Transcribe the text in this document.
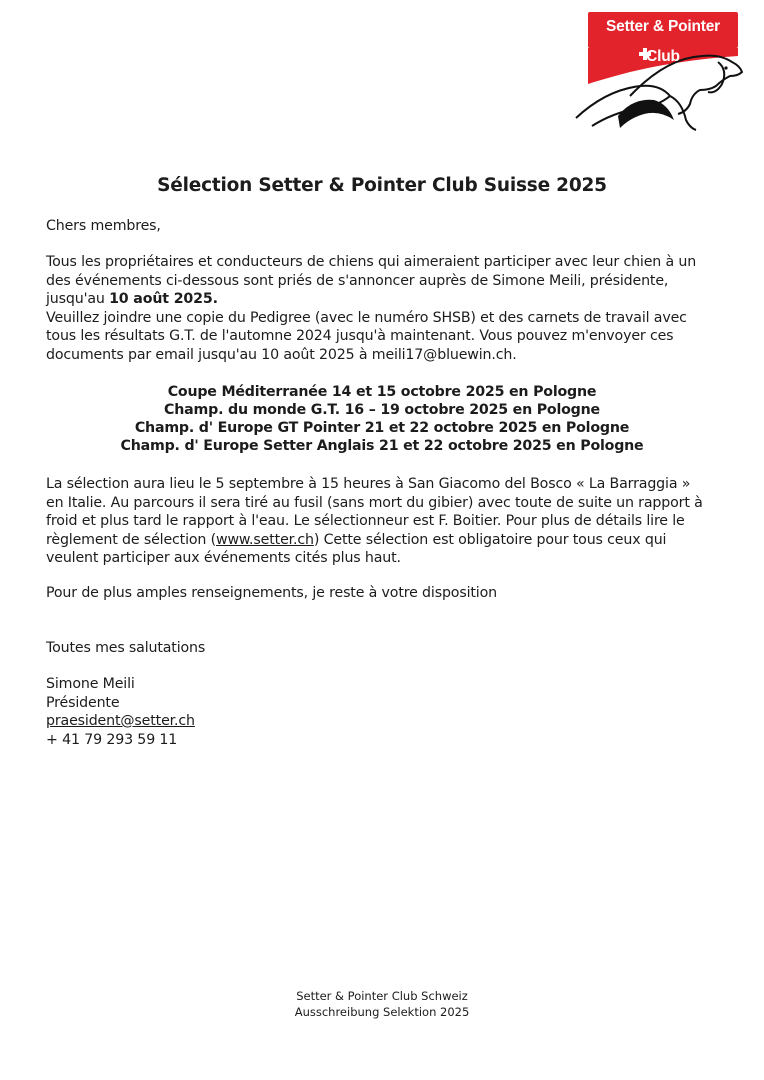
Setter & Pointer Club
Sélection Setter & Pointer Club Suisse 2025

Chers membres,

Tous les propriétaires et conducteurs de chiens qui aimeraient participer avec leur chien à un

des événements ci-dessous sont priés de s'annoncer auprès de Simone Meili, présidente,

jusqu'au 10 août 2025.

Veuillez joindre une copie du Pedigree (avec le numéro SHSB) et des carnets de travail avec

tous les résultats G.T. de l'automne 2024 jusqu'à maintenant. Vous pouvez m'envoyer ces

documents par email jusqu'au 10 août 2025 à meili17@bluewin.ch.

Coupe Méditerranée 14 et 15 octobre 2025 en Pologne

Champ. du monde G.T. 16 – 19 octobre 2025 en Pologne

Champ. d' Europe GT Pointer 21 et 22 octobre 2025 en Pologne

Champ. d' Europe Setter Anglais 21 et 22 octobre 2025 en Pologne

La sélection aura lieu le 5 septembre à 15 heures à San Giacomo del Bosco « La Barraggia »

en Italie. Au parcours il sera tiré au fusil (sans mort du gibier) avec toute de suite un rapport à

froid et plus tard le rapport à l'eau. Le sélectionneur est F. Boitier. Pour plus de détails lire le

règlement de sélection (www.setter.ch) Cette sélection est obligatoire pour tous ceux qui

veulent participer aux événements cités plus haut.

Pour de plus amples renseignements, je reste à votre disposition

Toutes mes salutations

Simone Meili

Présidente

praesident@setter.ch

+ 41 79 293 59 11

Setter & Pointer Club Schweiz

Ausschreibung Selektion 2025
